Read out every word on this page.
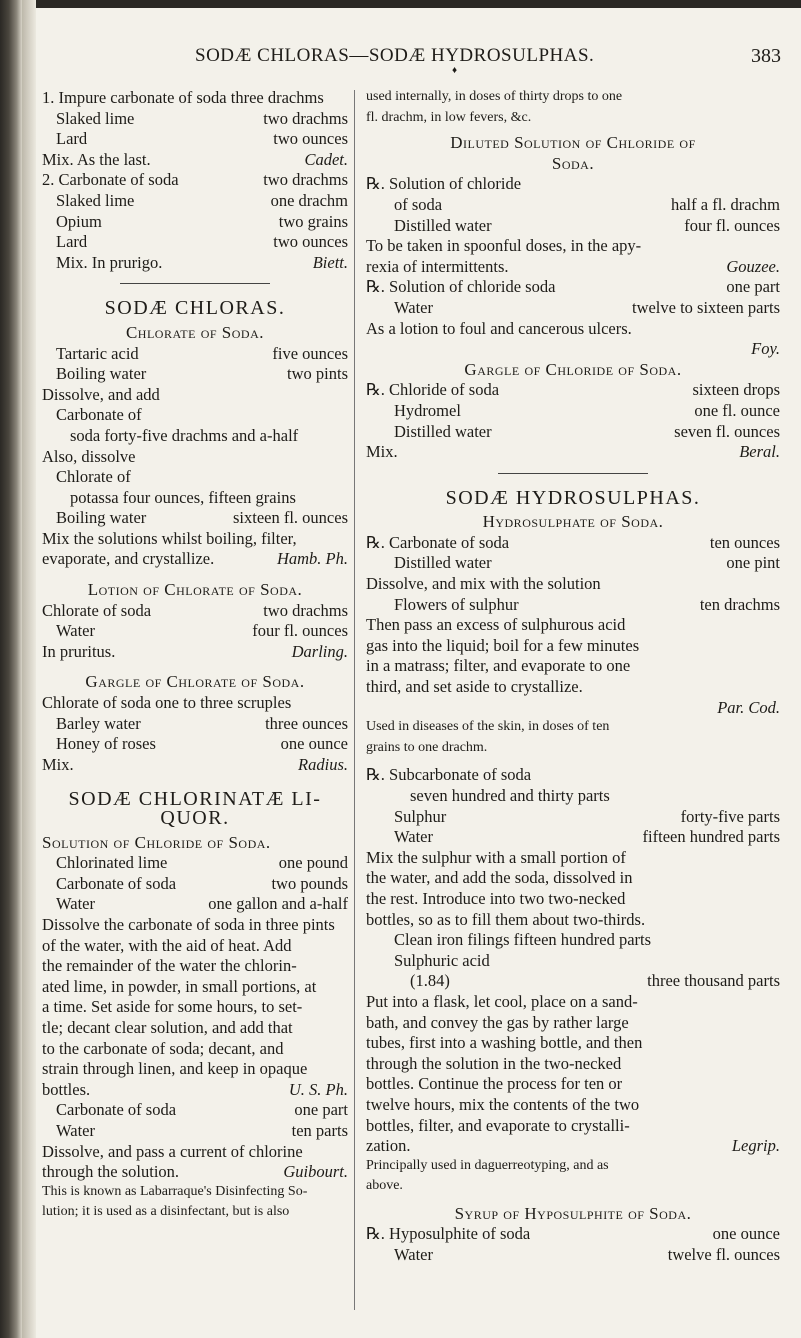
SODÆ CHLORAS—SODÆ HYDROSULPHAS.	383
♦
1. Impure carbonate of soda three drachms
Slaked lime	two drachms
Lard	two ounces
Mix. As the last.	Cadet.
2. Carbonate of soda	two drachms
Slaked lime	one drachm
Opium	two grains
Lard	two ounces
Mix. In prurigo.	Biett.
SODÆ CHLORAS.
Chlorate of Soda.
Tartaric acid	five ounces
Boiling water	two pints
Dissolve, and add
Carbonate of
soda forty-five drachms and a-half
Also, dissolve
Chlorate of
potassa four ounces, fifteen grains
Boiling water	sixteen fl. ounces
Mix the solutions whilst boiling, filter,
evaporate, and crystallize.	Hamb. Ph.
Lotion of Chlorate of Soda.
Chlorate of soda	two drachms
Water	four fl. ounces
In pruritus.	Darling.
Gargle of Chlorate of Soda.
Chlorate of soda one to three scruples
Barley water	three ounces
Honey of roses	one ounce
Mix.	Radius.
SODÆ CHLORINATÆ LI-
QUOR.
Solution of Chloride of Soda.
Chlorinated lime	one pound
Carbonate of soda	two pounds
Water	one gallon and a-half
Dissolve the carbonate of soda in three pints
of the water, with the aid of heat. Add
the remainder of the water the chlorin-
ated lime, in powder, in small portions, at
a time. Set aside for some hours, to set-
tle; decant clear solution, and add that
to the carbonate of soda; decant, and
strain through linen, and keep in opaque
bottles.	U. S. Ph.
Carbonate of soda	one part
Water	ten parts
Dissolve, and pass a current of chlorine
through the solution.	Guibourt.
This is known as Labarraque's Disinfecting So-
lution; it is used as a disinfectant, but is also
used internally, in doses of thirty drops to one
fl. drachm, in low fevers, &c.
Diluted Solution of Chloride of
Soda.
℞. Solution of chloride
of soda	half a fl. drachm
Distilled water	four fl. ounces
To be taken in spoonful doses, in the apy-
rexia of intermittents.	Gouzee.
℞. Solution of chloride soda	one part
Water	twelve to sixteen parts
As a lotion to foul and cancerous ulcers.
Foy.
Gargle of Chloride of Soda.
℞. Chloride of soda	sixteen drops
Hydromel	one fl. ounce
Distilled water	seven fl. ounces
Mix.	Beral.
SODÆ HYDROSULPHAS.
Hydrosulphate of Soda.
℞. Carbonate of soda	ten ounces
Distilled water	one pint
Dissolve, and mix with the solution
Flowers of sulphur	ten drachms
Then pass an excess of sulphurous acid
gas into the liquid; boil for a few minutes
in a matrass; filter, and evaporate to one
third, and set aside to crystallize.
Par. Cod.
Used in diseases of the skin, in doses of ten
grains to one drachm.
℞. Subcarbonate of soda
seven hundred and thirty parts
Sulphur	forty-five parts
Water	fifteen hundred parts
Mix the sulphur with a small portion of
the water, and add the soda, dissolved in
the rest. Introduce into two two-necked
bottles, so as to fill them about two-thirds.
Clean iron filings fifteen hundred parts
Sulphuric acid
(1.84)	three thousand parts
Put into a flask, let cool, place on a sand-
bath, and convey the gas by rather large
tubes, first into a washing bottle, and then
through the solution in the two-necked
bottles. Continue the process for ten or
twelve hours, mix the contents of the two
bottles, filter, and evaporate to crystalli-
zation.	Legrip.
Principally used in daguerreotyping, and as
above.
Syrup of Hyposulphite of Soda.
℞. Hyposulphite of soda	one ounce
Water	twelve fl. ounces
